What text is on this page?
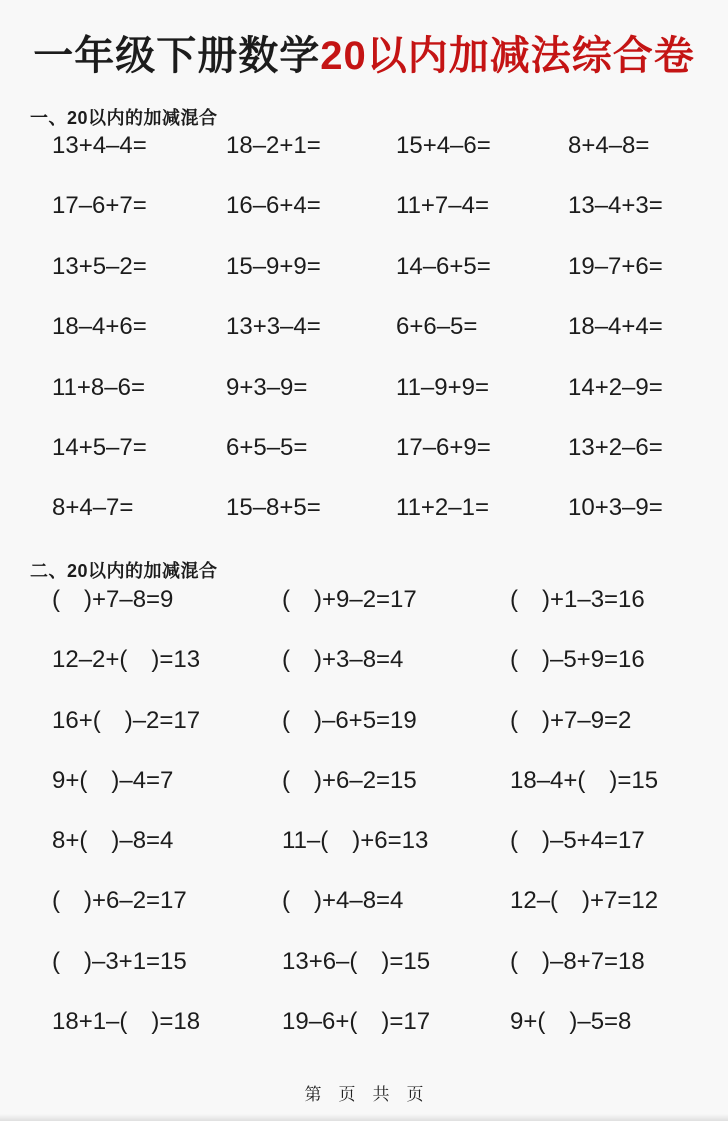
一年级下册数学20以内加减法综合卷
一、20以内的加减混合
13+4–4=	18–2+1=	15+4–6=	8+4–8=
17–6+7=	16–6+4=	11+7–4=	13–4+3=
13+5–2=	15–9+9=	14–6+5=	19–7+6=
18–4+6=	13+3–4=	6+6–5=	18–4+4=
11+8–6=	9+3–9=	11–9+9=	14+2–9=
14+5–7=	6+5–5=	17–6+9=	13+2–6=
8+4–7=	15–8+5=	11+2–1=	10+3–9=
二、20以内的加减混合
(　)+7–8=9	(　)+9–2=17	(　)+1–3=16
12–2+(　)=13	(　)+3–8=4	(　)–5+9=16
16+(　)–2=17	(　)–6+5=19	(　)+7–9=2
9+(　)–4=7	(　)+6–2=15	18–4+(　)=15
8+(　)–8=4	11–(　)+6=13	(　)–5+4=17
(　)+6–2=17	(　)+4–8=4	12–(　)+7=12
(　)–3+1=15	13+6–(　)=15	(　)–8+7=18
18+1–(　)=18	19–6+(　)=17	9+(　)–5=8
第　页　共　页
